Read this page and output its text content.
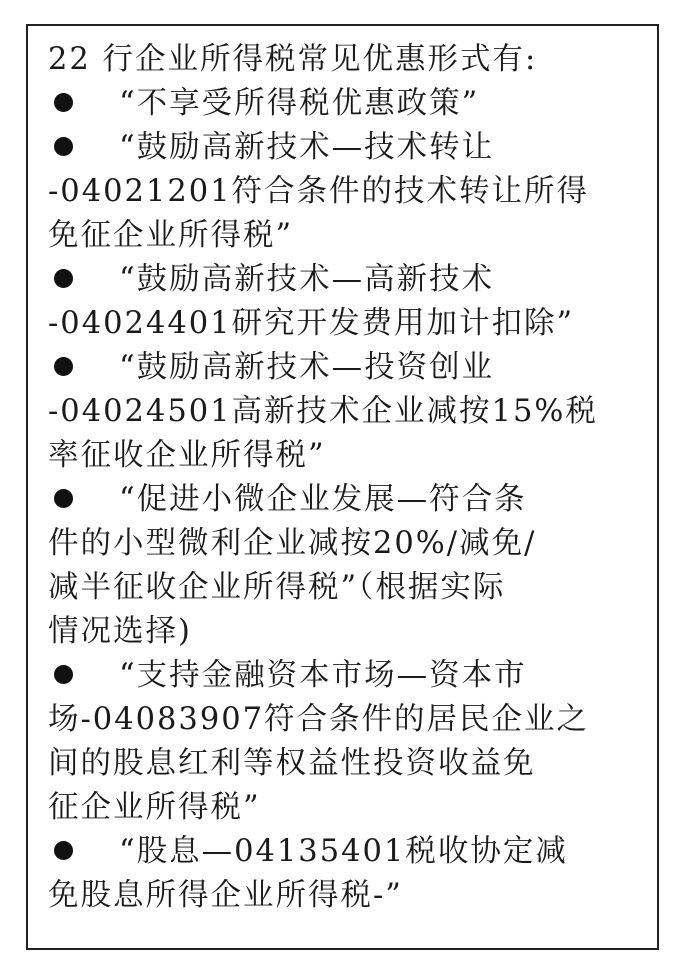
22 行企业所得税常见优惠形式有:
“不享受所得税优惠政策”
“鼓励高新技术—技术转让
-04021201符合条件的技术转让所得
免征企业所得税”
“鼓励高新技术—高新技术
-04024401研究开发费用加计扣除”
“鼓励高新技术—投资创业
-04024501高新技术企业减按15%税
率征收企业所得税”
“促进小微企业发展—符合条
件的小型微利企业减按20%/减免/
减半征收企业所得税”（根据实际
情况选择)
“支持金融资本市场—资本市
场-04083907符合条件的居民企业之
间的股息红利等权益性投资收益免
征企业所得税”
“股息—04135401税收协定减
免股息所得企业所得税-”
